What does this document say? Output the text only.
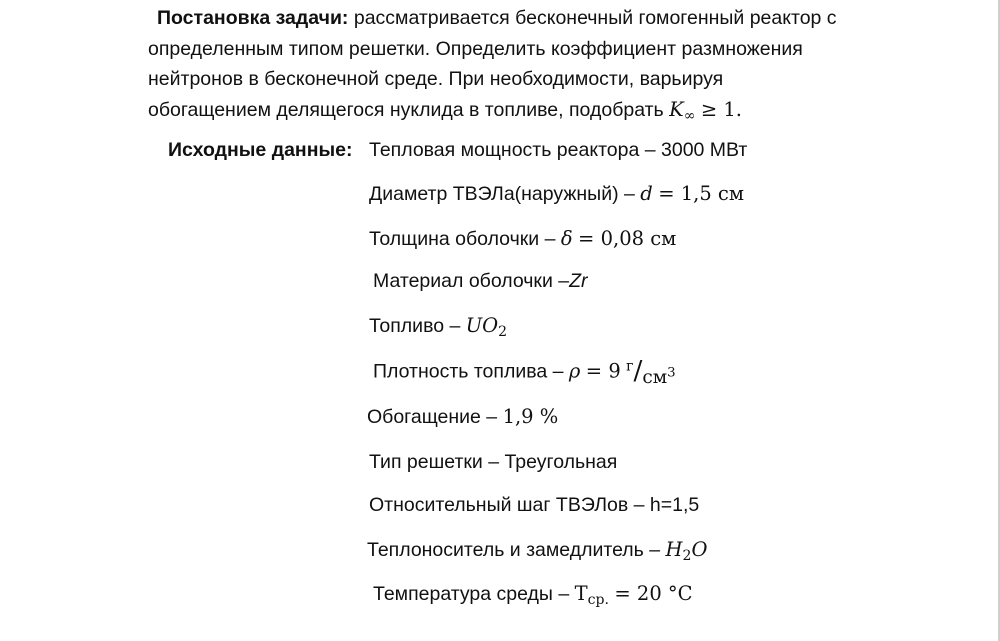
Постановка задачи: рассматривается бесконечный гомогенный реактор с
определенным типом решетки. Определить коэффициент размножения
нейтронов в бесконечной среде. При необходимости, варьируя
обогащением делящегося нуклида в топливе, подобрать $K_\infty \ge 1$.
Исходные данные: Тепловая мощность реактора – 3000 МВт
Диаметр ТВЭЛа(наружный) – d = 1,5 см
Толщина оболочки – δ = 0,08 см
Материал оболочки –Zr
Топливо – $UO_2$
Плотность топлива – ρ = 9 $^г/_{см^3}$
Обогащение – 1,9 %
Тип решетки – Треугольная
Относительный шаг ТВЭЛов – h=1,5
Теплоноситель и замедлитель – $H_2O$
Температура среды – $T_{ср.} = 20$ °C
